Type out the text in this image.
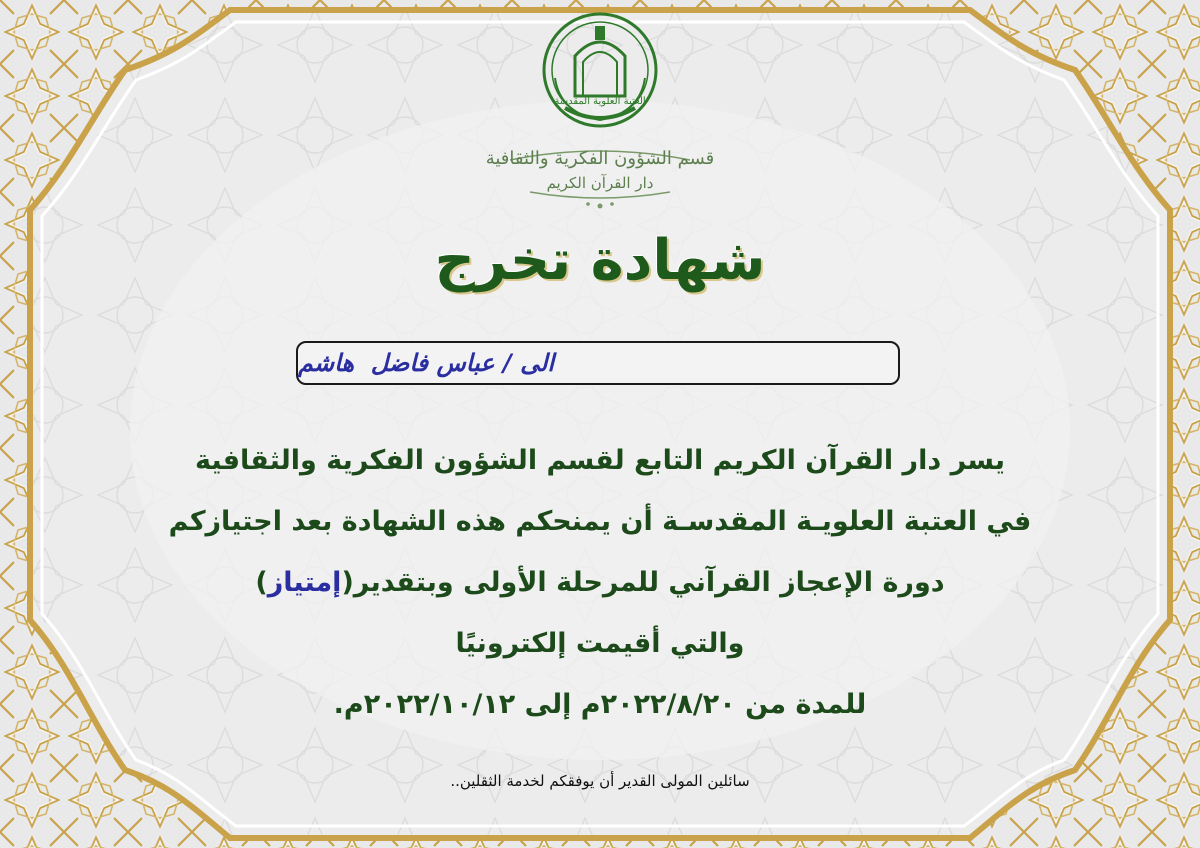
قسم الشؤون الفكرية والثقافية
دار القرآن الكريم
العتبة العلوية المقدسة
شهادة تخرج
الى /
عباس فاضل  هاشم
يسر دار القرآن الكريم التابع لقسم الشؤون الفكرية والثقافية
في العتبة العلويـة المقدسـة أن يمنحكم هذه الشهادة بعد اجتيازكم
دورة الإعجاز القرآني للمرحلة الأولى وبتقدير(إمتياز)
والتي أقيمت إلكترونيًا
للمدة من ٢٠٢٢/٨/٢٠م إلى ٢٠٢٢/١٠/١٢م.
سائلين المولى القدير أن يوفقكم لخدمة الثقلين..
